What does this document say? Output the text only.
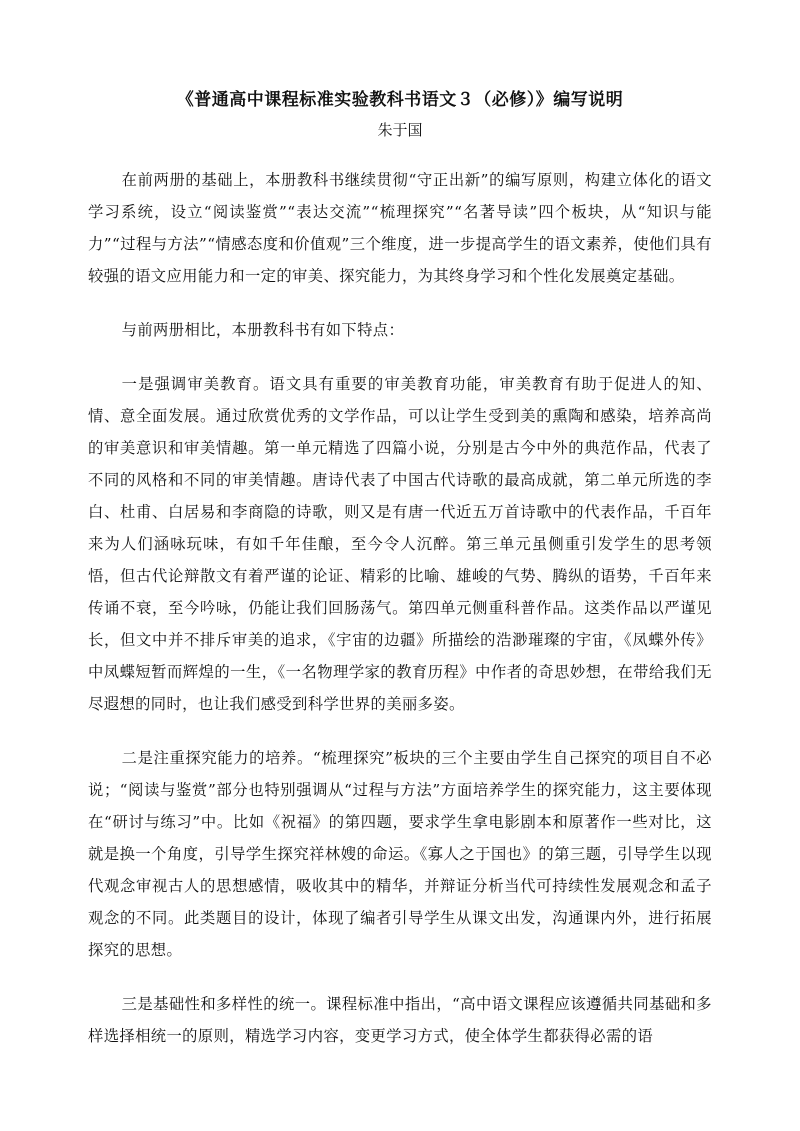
《普通高中课程标准实验教科书语文３（必修）》编写说明

朱于国

在前两册的基础上，本册教科书继续贯彻“守正出新”的编写原则，构建立体化的语文学习系统，设立“阅读鉴赏”“表达交流”“梳理探究”“名著导读”四个板块，从“知识与能力”“过程与方法”“情感态度和价值观”三个维度，进一步提高学生的语文素养，使他们具有较强的语文应用能力和一定的审美、探究能力，为其终身学习和个性化发展奠定基础。

与前两册相比，本册教科书有如下特点：

一是强调审美教育。语文具有重要的审美教育功能，审美教育有助于促进人的知、情、意全面发展。通过欣赏优秀的文学作品，可以让学生受到美的熏陶和感染，培养高尚的审美意识和审美情趣。第一单元精选了四篇小说，分别是古今中外的典范作品，代表了不同的风格和不同的审美情趣。唐诗代表了中国古代诗歌的最高成就，第二单元所选的李白、杜甫、白居易和李商隐的诗歌，则又是有唐一代近五万首诗歌中的代表作品，千百年来为人们涵咏玩味，有如千年佳酿，至今令人沉醉。第三单元虽侧重引发学生的思考领悟，但古代论辩散文有着严谨的论证、精彩的比喻、雄峻的气势、腾纵的语势，千百年来传诵不衰，至今吟咏，仍能让我们回肠荡气。第四单元侧重科普作品。这类作品以严谨见长，但文中并不排斥审美的追求，《宇宙的边疆》所描绘的浩渺璀璨的宇宙，《凤蝶外传》中凤蝶短暂而辉煌的一生，《一名物理学家的教育历程》中作者的奇思妙想，在带给我们无尽遐想的同时，也让我们感受到科学世界的美丽多姿。

二是注重探究能力的培养。“梳理探究”板块的三个主要由学生自己探究的项目自不必说；“阅读与鉴赏”部分也特别强调从“过程与方法”方面培养学生的探究能力，这主要体现在“研讨与练习”中。比如《祝福》的第四题，要求学生拿电影剧本和原著作一些对比，这就是换一个角度，引导学生探究祥林嫂的命运。《寡人之于国也》的第三题，引导学生以现代观念审视古人的思想感情，吸收其中的精华，并辩证分析当代可持续性发展观念和孟子观念的不同。此类题目的设计，体现了编者引导学生从课文出发，沟通课内外，进行拓展探究的思想。

三是基础性和多样性的统一。课程标准中指出，“高中语文课程应该遵循共同基础和多样选择相统一的原则，精选学习内容，变更学习方式，使全体学生都获得必需的语
